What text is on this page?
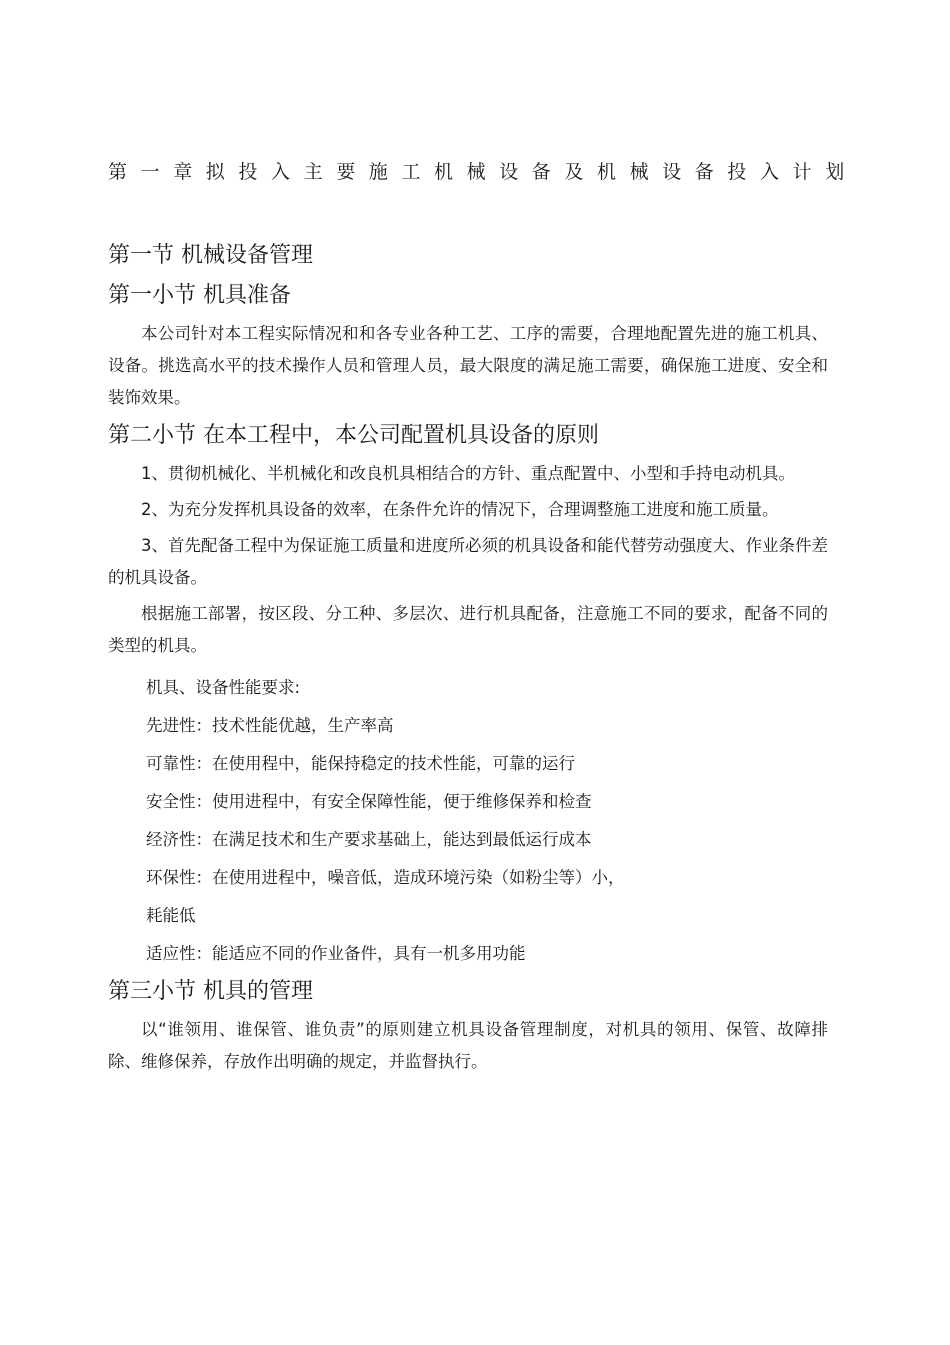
第一章拟投入主要施工机械设备及机械设备投入计划
第一节 机械设备管理
第一小节 机具准备

本公司针对本工程实际情况和和各专业各种工艺、工序的需要，合理地配置先进的施工机具、设备。挑选高水平的技术操作人员和管理人员，最大限度的满足施工需要，确保施工进度、安全和装饰效果。

第二小节 在本工程中，本公司配置机具设备的原则

1、贯彻机械化、半机械化和改良机具相结合的方针、重点配置中、小型和手持电动机具。

2、为充分发挥机具设备的效率，在条件允许的情况下，合理调整施工进度和施工质量。

3、首先配备工程中为保证施工质量和进度所必须的机具设备和能代替劳动强度大、作业条件差的机具设备。

根据施工部署，按区段、分工种、多层次、进行机具配备，注意施工不同的要求，配备不同的类型的机具。

机具、设备性能要求:
先进性：技术性能优越，生产率高
可靠性：在使用程中，能保持稳定的技术性能，可靠的运行
安全性：使用进程中，有安全保障性能，便于维修保养和检查
经济性：在满足技术和生产要求基础上，能达到最低运行成本
环保性：在使用进程中，噪音低，造成环境污染（如粉尘等）小，
耗能低
适应性：能适应不同的作业备件，具有一机多用功能
第三小节 机具的管理

以“谁领用、谁保管、谁负责”的原则建立机具设备管理制度，对机具的领用、保管、故障排除、维修保养，存放作出明确的规定，并监督执行。
